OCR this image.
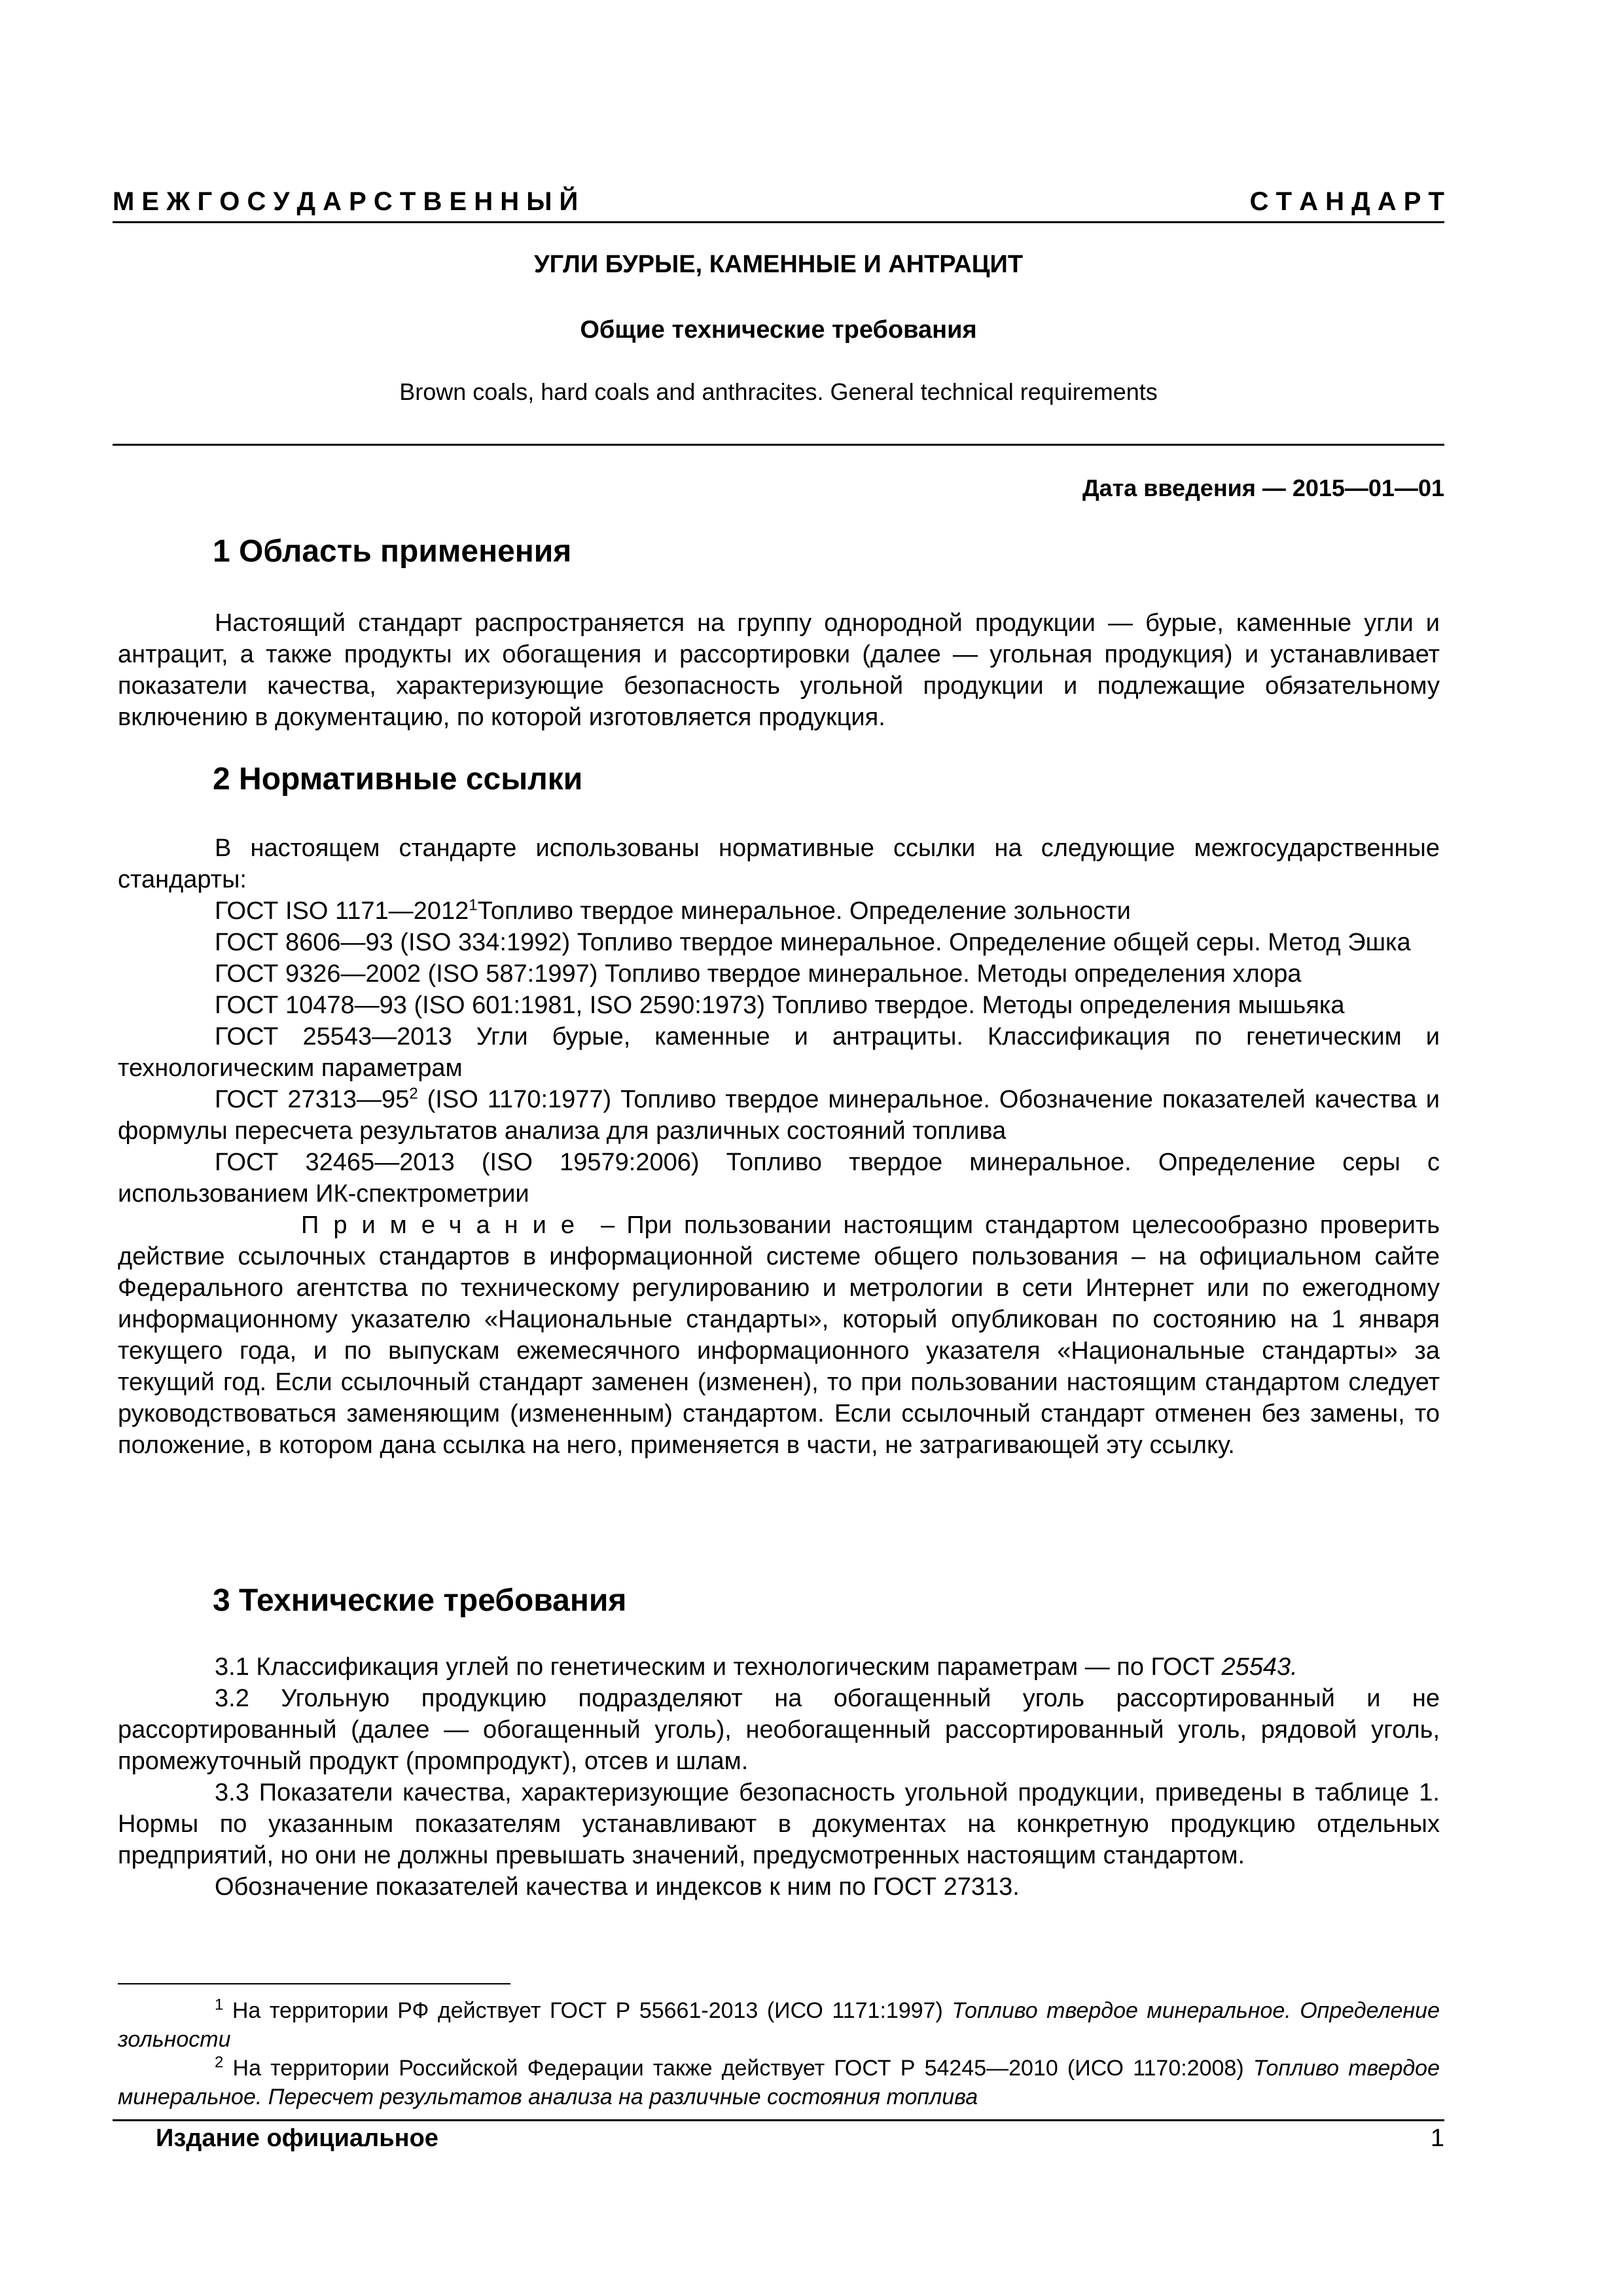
М Е Ж Г О С У Д А Р С Т В Е Н Н Ы Й	С Т А Н Д А Р Т
УГЛИ БУРЫЕ, КАМЕННЫЕ И АНТРАЦИТ
Общие технические требования
Brown coals, hard coals and anthracites. General technical requirements
Дата введения — 2015—01—01
1 Область применения

Настоящий стандарт распространяется на группу однородной продукции — бурые, каменные угли и антрацит, а также продукты их обогащения и рассортировки (далее — угольная продукция) и устанавливает показатели качества, характеризующие безопасность угольной продукции и подлежащие обязательному включению в документацию, по которой изготовляется продукция.

2 Нормативные ссылки

В настоящем стандарте использованы нормативные ссылки на следующие межгосударственные стандарты:

ГОСТ ISO 1171—2012$^1$Топливо твердое минеральное. Определение зольности

ГОСТ 8606—93 (ISO 334:1992) Топливо твердое минеральное. Определение общей серы. Метод Эшка

ГОСТ 9326—2002 (ISO 587:1997) Топливо твердое минеральное. Методы определения хлора

ГОСТ 10478—93 (ISO 601:1981, ISO 2590:1973) Топливо твердое. Методы определения мышьяка

ГОСТ 25543—2013 Угли бурые, каменные и антрациты. Классификация по генетическим и технологическим параметрам

ГОСТ $27313—95^2$ (ISO 1170:1977) Топливо твердое минеральное. Обозначение показателей качества и формулы пересчета результатов анализа для различных состояний топлива

ГОСТ 32465—2013 (ISO 19579:2006) Топливо твердое минеральное. Определение серы с использованием ИК-спектрометрии

Примечание – При пользовании настоящим стандартом целесообразно проверить действие ссылочных стандартов в информационной системе общего пользования – на официальном сайте Федерального агентства по техническому регулированию и метрологии в сети Интернет или по ежегодному информационному указателю «Национальные стандарты», который опубликован по состоянию на 1 января текущего года, и по выпускам ежемесячного информационного указателя «Национальные стандарты» за текущий год. Если ссылочный стандарт заменен (изменен), то при пользовании настоящим стандартом следует руководствоваться заменяющим (измененным) стандартом. Если ссылочный стандарт отменен без замены, то положение, в котором дана ссылка на него, применяется в части, не затрагивающей эту ссылку.

3 Технические требования

3.1 Классификация углей по генетическим и технологическим параметрам — по ГОСТ 25543.

3.2 Угольную продукцию подразделяют на обогащенный уголь рассортированный и не рассортированный (далее — обогащенный уголь), необогащенный рассортированный уголь, рядовой уголь, промежуточный продукт (промпродукт), отсев и шлам.

3.3 Показатели качества, характеризующие безопасность угольной продукции, приведены в таблице 1. Нормы по указанным показателям устанавливают в документах на конкретную продукцию отдельных предприятий, но они не должны превышать значений, предусмотренных настоящим стандартом.

Обозначение показателей качества и индексов к ним по ГОСТ 27313.

$^1$ На территории РФ действует ГОСТ Р 55661-2013 (ИСО 1171:1997) Топливо твердое минеральное. Определение зольности

$^2$ На территории Российской Федерации также действует ГОСТ Р 54245—2010 (ИСО 1170:2008) Топливо твердое минеральное. Пересчет результатов анализа на различные состояния топлива

Издание официальное	1
